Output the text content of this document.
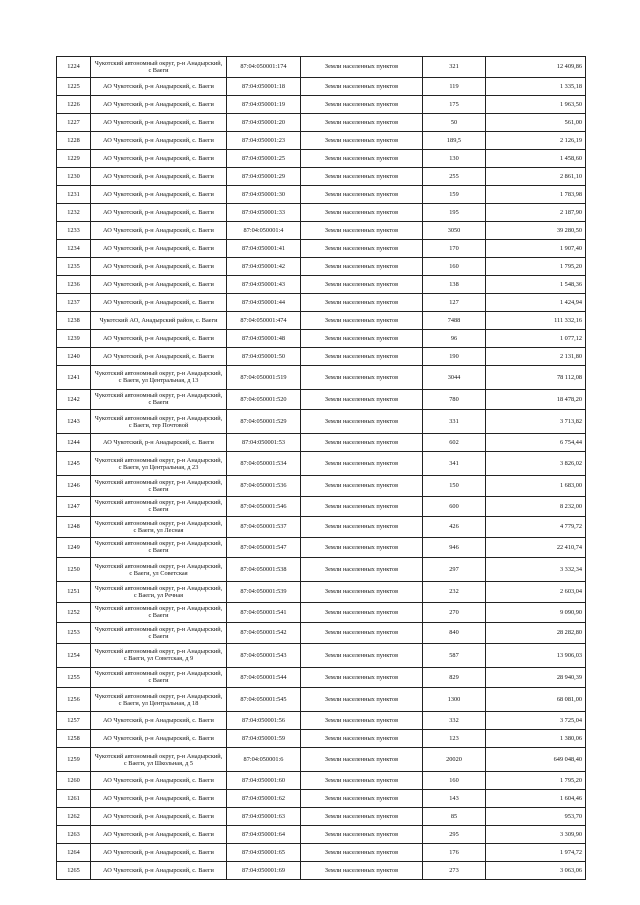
1224	Чукотский автономный округ, р-н Анадырский, с Ваеги	87:04:050001:174	Земли населенных пунктов	321	12 409,86
1225	АО Чукотский, р-н Анадырский, с. Ваеги	87:04:050001:18	Земли населенных пунктов	119	1 335,18
1226	АО Чукотский, р-н Анадырский, с. Ваеги	87:04:050001:19	Земли населенных пунктов	175	1 963,50
1227	АО Чукотский, р-н Анадырский, с. Ваеги	87:04:050001:20	Земли населенных пунктов	50	561,00
1228	АО Чукотский, р-н Анадырский, с. Ваеги	87:04:050001:23	Земли населенных пунктов	189,5	2 126,19
1229	АО Чукотский, р-н Анадырский, с. Ваеги	87:04:050001:25	Земли населенных пунктов	130	1 458,60
1230	АО Чукотский, р-н Анадырский, с. Ваеги	87:04:050001:29	Земли населенных пунктов	255	2 861,10
1231	АО Чукотский, р-н Анадырский, с. Ваеги	87:04:050001:30	Земли населенных пунктов	159	1 783,98
1232	АО Чукотский, р-н Анадырский, с. Ваеги	87:04:050001:33	Земли населенных пунктов	195	2 187,90
1233	АО Чукотский, р-н Анадырский, с. Ваеги	87:04:050001:4	Земли населенных пунктов	3050	39 280,50
1234	АО Чукотский, р-н Анадырский, с. Ваеги	87:04:050001:41	Земли населенных пунктов	170	1 907,40
1235	АО Чукотский, р-н Анадырский, с. Ваеги	87:04:050001:42	Земли населенных пунктов	160	1 795,20
1236	АО Чукотский, р-н Анадырский, с. Ваеги	87:04:050001:43	Земли населенных пунктов	138	1 548,36
1237	АО Чукотский, р-н Анадырский, с. Ваеги	87:04:050001:44	Земли населенных пунктов	127	1 424,94
1238	Чукотский АО, Анадырский район, с. Ваеги	87:04:050001:474	Земли населенных пунктов	7488	111 332,16
1239	АО Чукотский, р-н Анадырский, с. Ваеги	87:04:050001:48	Земли населенных пунктов	96	1 077,12
1240	АО Чукотский, р-н Анадырский, с. Ваеги	87:04:050001:50	Земли населенных пунктов	190	2 131,80
1241	Чукотский автономный округ, р-н Анадырский, с Ваеги, ул Центральная, д 13	87:04:050001:519	Земли населенных пунктов	3044	78 112,08
1242	Чукотский автономный округ, р-н Анадырский, с Ваеги	87:04:050001:520	Земли населенных пунктов	780	18 478,20
1243	Чукотский автономный округ, р-н Анадырский, с Ваеги, тер Почтовой	87:04:050001:529	Земли населенных пунктов	331	3 713,82
1244	АО Чукотский, р-н Анадырский, с. Ваеги	87:04:050001:53	Земли населенных пунктов	602	6 754,44
1245	Чукотский автономный округ, р-н Анадырский, с Ваеги, ул Центральная, д 23	87:04:050001:534	Земли населенных пунктов	341	3 826,02
1246	Чукотский автономный округ, р-н Анадырский, с Ваеги	87:04:050001:536	Земли населенных пунктов	150	1 683,00
1247	Чукотский автономный округ, р-н Анадырский, с Ваеги	87:04:050001:546	Земли населенных пунктов	600	8 232,00
1248	Чукотский автономный округ, р-н Анадырский, с Ваеги, ул Лесная	87:04:050001:537	Земли населенных пунктов	426	4 779,72
1249	Чукотский автономный округ, р-н Анадырский, с Ваеги	87:04:050001:547	Земли населенных пунктов	946	22 410,74
1250	Чукотский автономный округ, р-н Анадырский, с Ваеги, ул Советская	87:04:050001:538	Земли населенных пунктов	297	3 332,34
1251	Чукотский автономный округ, р-н Анадырский, с Ваеги, ул Речная	87:04:050001:539	Земли населенных пунктов	232	2 603,04
1252	Чукотский автономный округ, р-н Анадырский, с Ваеги	87:04:050001:541	Земли населенных пунктов	270	9 090,90
1253	Чукотский автономный округ, р-н Анадырский, с Ваеги	87:04:050001:542	Земли населенных пунктов	840	28 282,80
1254	Чукотский автономный округ, р-н Анадырский, с Ваеги, ул Советская, д 9	87:04:050001:543	Земли населенных пунктов	587	13 906,03
1255	Чукотский автономный округ, р-н Анадырский, с Ваеги	87:04:050001:544	Земли населенных пунктов	829	28 940,39
1256	Чукотский автономный округ, р-н Анадырский, с Ваеги, ул Центральная, д 18	87:04:050001:545	Земли населенных пунктов	1300	68 081,00
1257	АО Чукотский, р-н Анадырский, с. Ваеги	87:04:050001:56	Земли населенных пунктов	332	3 725,04
1258	АО Чукотский, р-н Анадырский, с. Ваеги	87:04:050001:59	Земли населенных пунктов	123	1 380,06
1259	Чукотский автономный округ, р-н Анадырский, с Ваеги, ул Школьная, д 5	87:04:050001:6	Земли населенных пунктов	20020	649 048,40
1260	АО Чукотский, р-н Анадырский, с. Ваеги	87:04:050001:60	Земли населенных пунктов	160	1 795,20
1261	АО Чукотский, р-н Анадырский, с. Ваеги	87:04:050001:62	Земли населенных пунктов	143	1 604,46
1262	АО Чукотский, р-н Анадырский, с. Ваеги	87:04:050001:63	Земли населенных пунктов	85	953,70
1263	АО Чукотский, р-н Анадырский, с. Ваеги	87:04:050001:64	Земли населенных пунктов	295	3 309,90
1264	АО Чукотский, р-н Анадырский, с. Ваеги	87:04:050001:65	Земли населенных пунктов	176	1 974,72
1265	АО Чукотский, р-н Анадырский, с. Ваеги	87:04:050001:69	Земли населенных пунктов	273	3 063,06
